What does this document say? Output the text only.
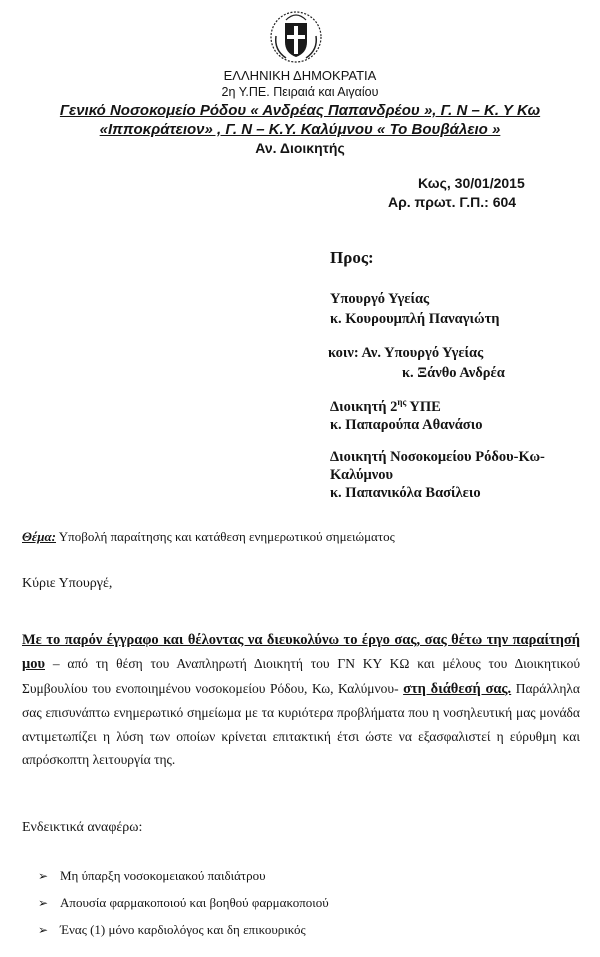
ΕΛΛΗΝΙΚΗ ΔΗΜΟΚΡΑΤΙΑ
2η Υ.ΠΕ. Πειραιά και Αιγαίου
Γενικό Νοσοκομείο Ρόδου « Ανδρέας Παπανδρέου », Γ. Ν – Κ. Υ Κω
«Ιπποκράτειον» , Γ. Ν – Κ.Υ. Καλύμνου « Το Βουβάλειο »
Αν. Διοικητής
Κως, 30/01/2015
Αρ. πρωτ. Γ.Π.: 604
Προς:
Υπουργό Υγείας
κ. Κουρουμπλή Παναγιώτη
κοιν: Αν. Υπουργό Υγείας
κ. Ξάνθο Ανδρέα
Διοικητή $2^{\eta\varsigma}$ ΥΠΕ
κ. Παπαρούπα Αθανάσιο
Διοικητή Νοσοκομείου Ρόδου-Κω-
Καλύμνου
κ. Παπανικόλα Βασίλειο
Θέμα: Υποβολή παραίτησης και κατάθεση ενημερωτικού σημειώματος
Κύριε Υπουργέ,
Με το παρόν έγγραφο και θέλοντας να διευκολύνω το έργο σας, σας θέτω την παραίτησή μου – από τη θέση του Αναπληρωτή Διοικητή του ΓΝ ΚΥ ΚΩ και μέλους του Διοικητικού Συμβουλίου του ενοποιημένου νοσοκομείου Ρόδου, Κω, Καλύμνου- στη διάθεσή σας. Παράλληλα σας επισυνάπτω ενημερωτικό σημείωμα με τα κυριότερα προβλήματα που η νοσηλευτική μας μονάδα αντιμετωπίζει η λύση των οποίων κρίνεται επιτακτική έτσι ώστε να εξασφαλιστεί η εύρυθμη και απρόσκοπτη λειτουργία της.
Ενδεικτικά αναφέρω:
➢ Μη ύπαρξη νοσοκομειακού παιδιάτρου
➢ Απουσία φαρμακοποιού και βοηθού φαρμακοποιού
➢ Ένας (1) μόνο καρδιολόγος και δη επικουρικός
